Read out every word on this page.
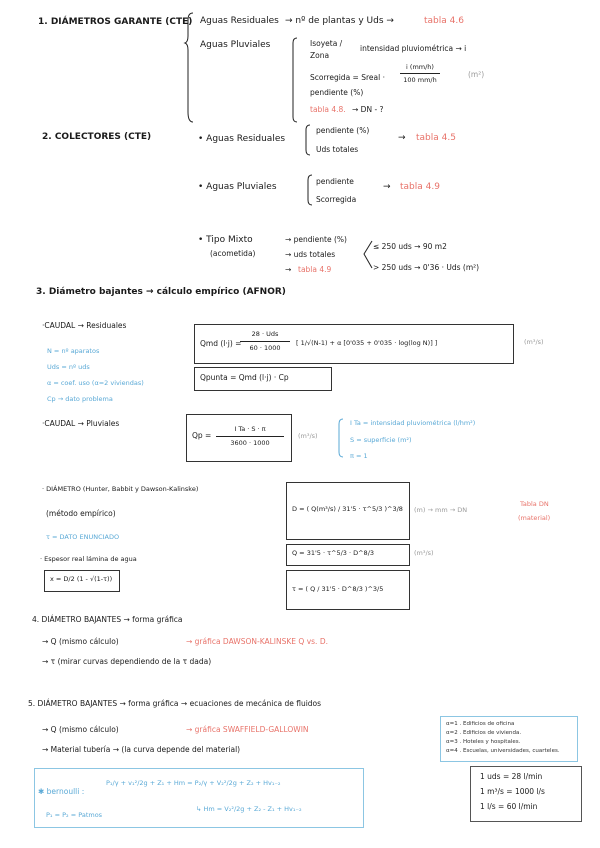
1. DIÁMETROS GARANTE (CTE) Aguas Residuales → nº de plantas y Uds →	tabla 4.6
Aguas Pluviales	Isoyeta /
Zona
intensidad pluviométrica → i
Scorregida = Sreal · $\frac{i (mm/h)}{100 mm/h}$	(m²)
pendiente (%)
tabla 4.8. → DN - ?
2. COLECTORES (CTE)	• Aguas Residuales
pendiente (%)
Uds totales
→ tabla 4.5
• Aguas Pluviales
pendiente
Scorregida
→ tabla 4.9
• Tipo Mixto
(acometida)
→ pendiente (%)
→ uds totales
→ tabla 4.9
≤ 250 uds → 90 m2
> 250 uds → 0'36 · Uds (m²)
3. Diámetro bajantes → cálculo empírico (AFNOR)
·CAUDAL → Residuales
Qmd (l·j) =
28 · Uds
60 · 1000
[ 1/√(N-1) + α [0'035 + 0'035 · log(log N)] ]	(m³/s)
N = nº aparatos
Uds = nº uds
α = coef. uso (α=2 viviendas)
Cp → dato problema
Qpunta = Qmd (l·j) · Cp
·CAUDAL → Pluviales
$Qp = \frac{\text{I Ta · S · π}}{3600 \cdot 1000} (m^3/s)$
I Ta = intensidad pluviométrica (l/hm²)
S = superficie (m²)
π = 1
· DIÁMETRO (Hunter, Babbit y Dawson-Kalinske)
(método empírico)
τ = DATO ENUNCIADO
· Espesor real lámina de agua
x = D/2 (1 - √(1-τ))
D = ( Q(m³/s) / 31'5 · τ^5/3 )^3/8 (m) → mm → DN
Tabla DN
(material)
Q = 31'5 · τ^5/3 · D^8/3	(m³/s)
τ = ( Q / 31'5 · D^8/3 )^3/5
4. DIÁMETRO BAJANTES → forma gráfica
→ Q (mismo cálculo)	→ gráfica DAWSON-KALINSKE Q vs. D.
→ τ (mirar curvas dependiendo de la τ dada)
5. DIÁMETRO BAJANTES → forma gráfica → ecuaciones de mecánica de fluidos
→ Q (mismo cálculo)	→ gráfica SWAFFIELD-GALLOWIN
→ Material tubería → (la curva depende del material)
α=1 . Edificios de oficina
α=2 . Edificios de vivienda.
α=3 . Hoteles y hospitales.
α=4 . Escuelas, universidades, cuarteles.
✱ bernoulli :
P₁/γ + v₁²/2g + Z₁ + Hm = P₂/γ + V₂²/2g + Z₂ + Hv₁₋₂
↳ Hm = V₂²/2g + Z₂ - Z₁ + Hv₁₋₂
P₁ = P₂ = Patmos
1 uds = 28 l/min
1 m³/s = 1000 l/s
1 l/s = 60 l/min
